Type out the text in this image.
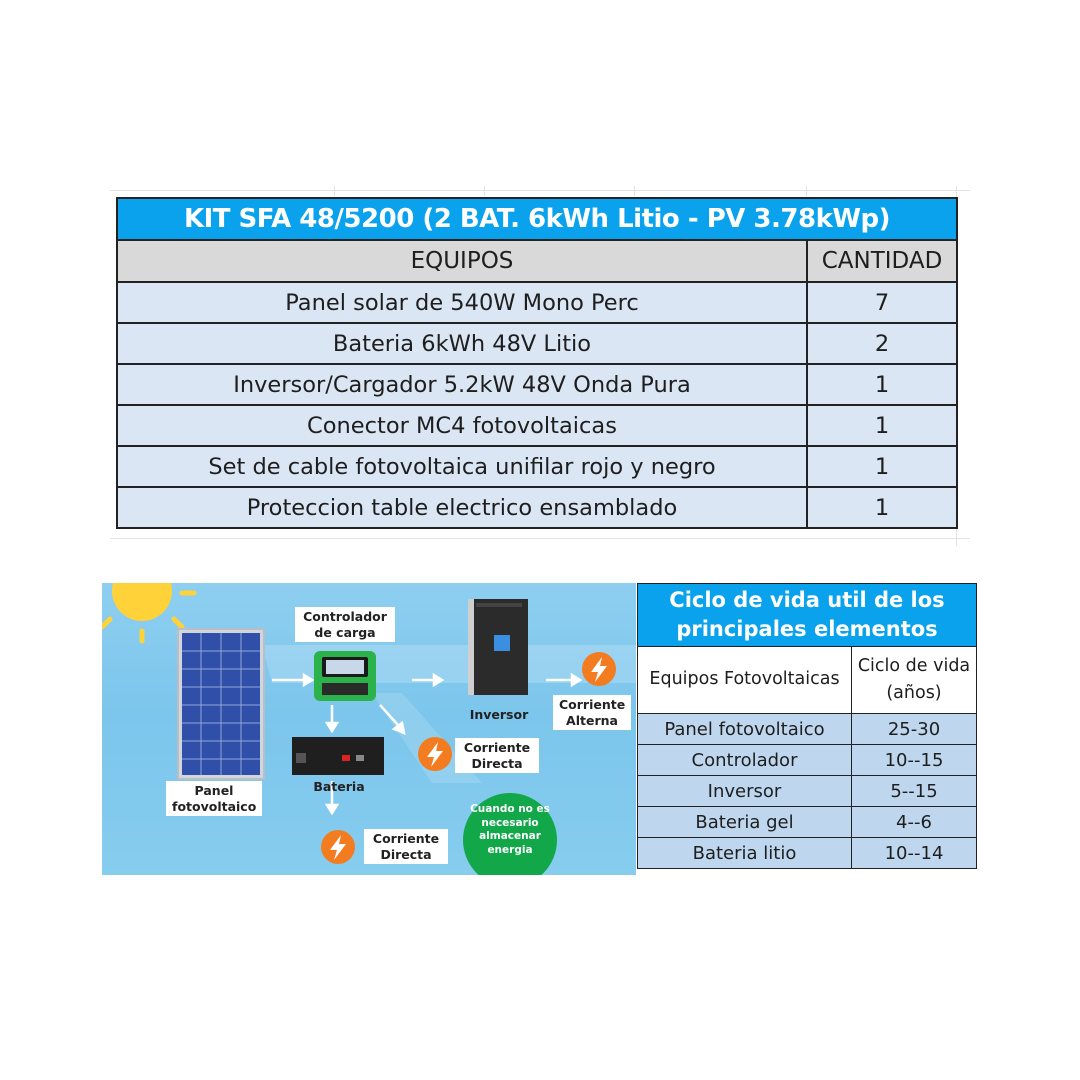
KIT SFA 48/5200 (2 BAT. 6kWh Litio - PV 3.78kWp)	
EQUIPOS	CANTIDAD
Panel solar de 540W Mono Perc	7
Bateria 6kWh 48V Litio	2
Inversor/Cargador 5.2kW 48V Onda Pura	1
Conector MC4 fotovoltaicas	1
Set de cable fotovoltaica unifilar rojo y negro	1
Proteccion table electrico ensamblado	1
Controlador de carga
Inversor
Corriente Alterna
Corriente Directa
Bateria
Panel fotovoltaico
Corriente Directa
Cuando no es necesario almacenar energia
Ciclo de vida util de los principales elementos	
Equipos Fotovoltaicas	Ciclo de vida (años)
Panel fotovoltaico	25-30
Controlador	10--15
Inversor	5--15
Bateria gel	4--6
Bateria litio	10--14
